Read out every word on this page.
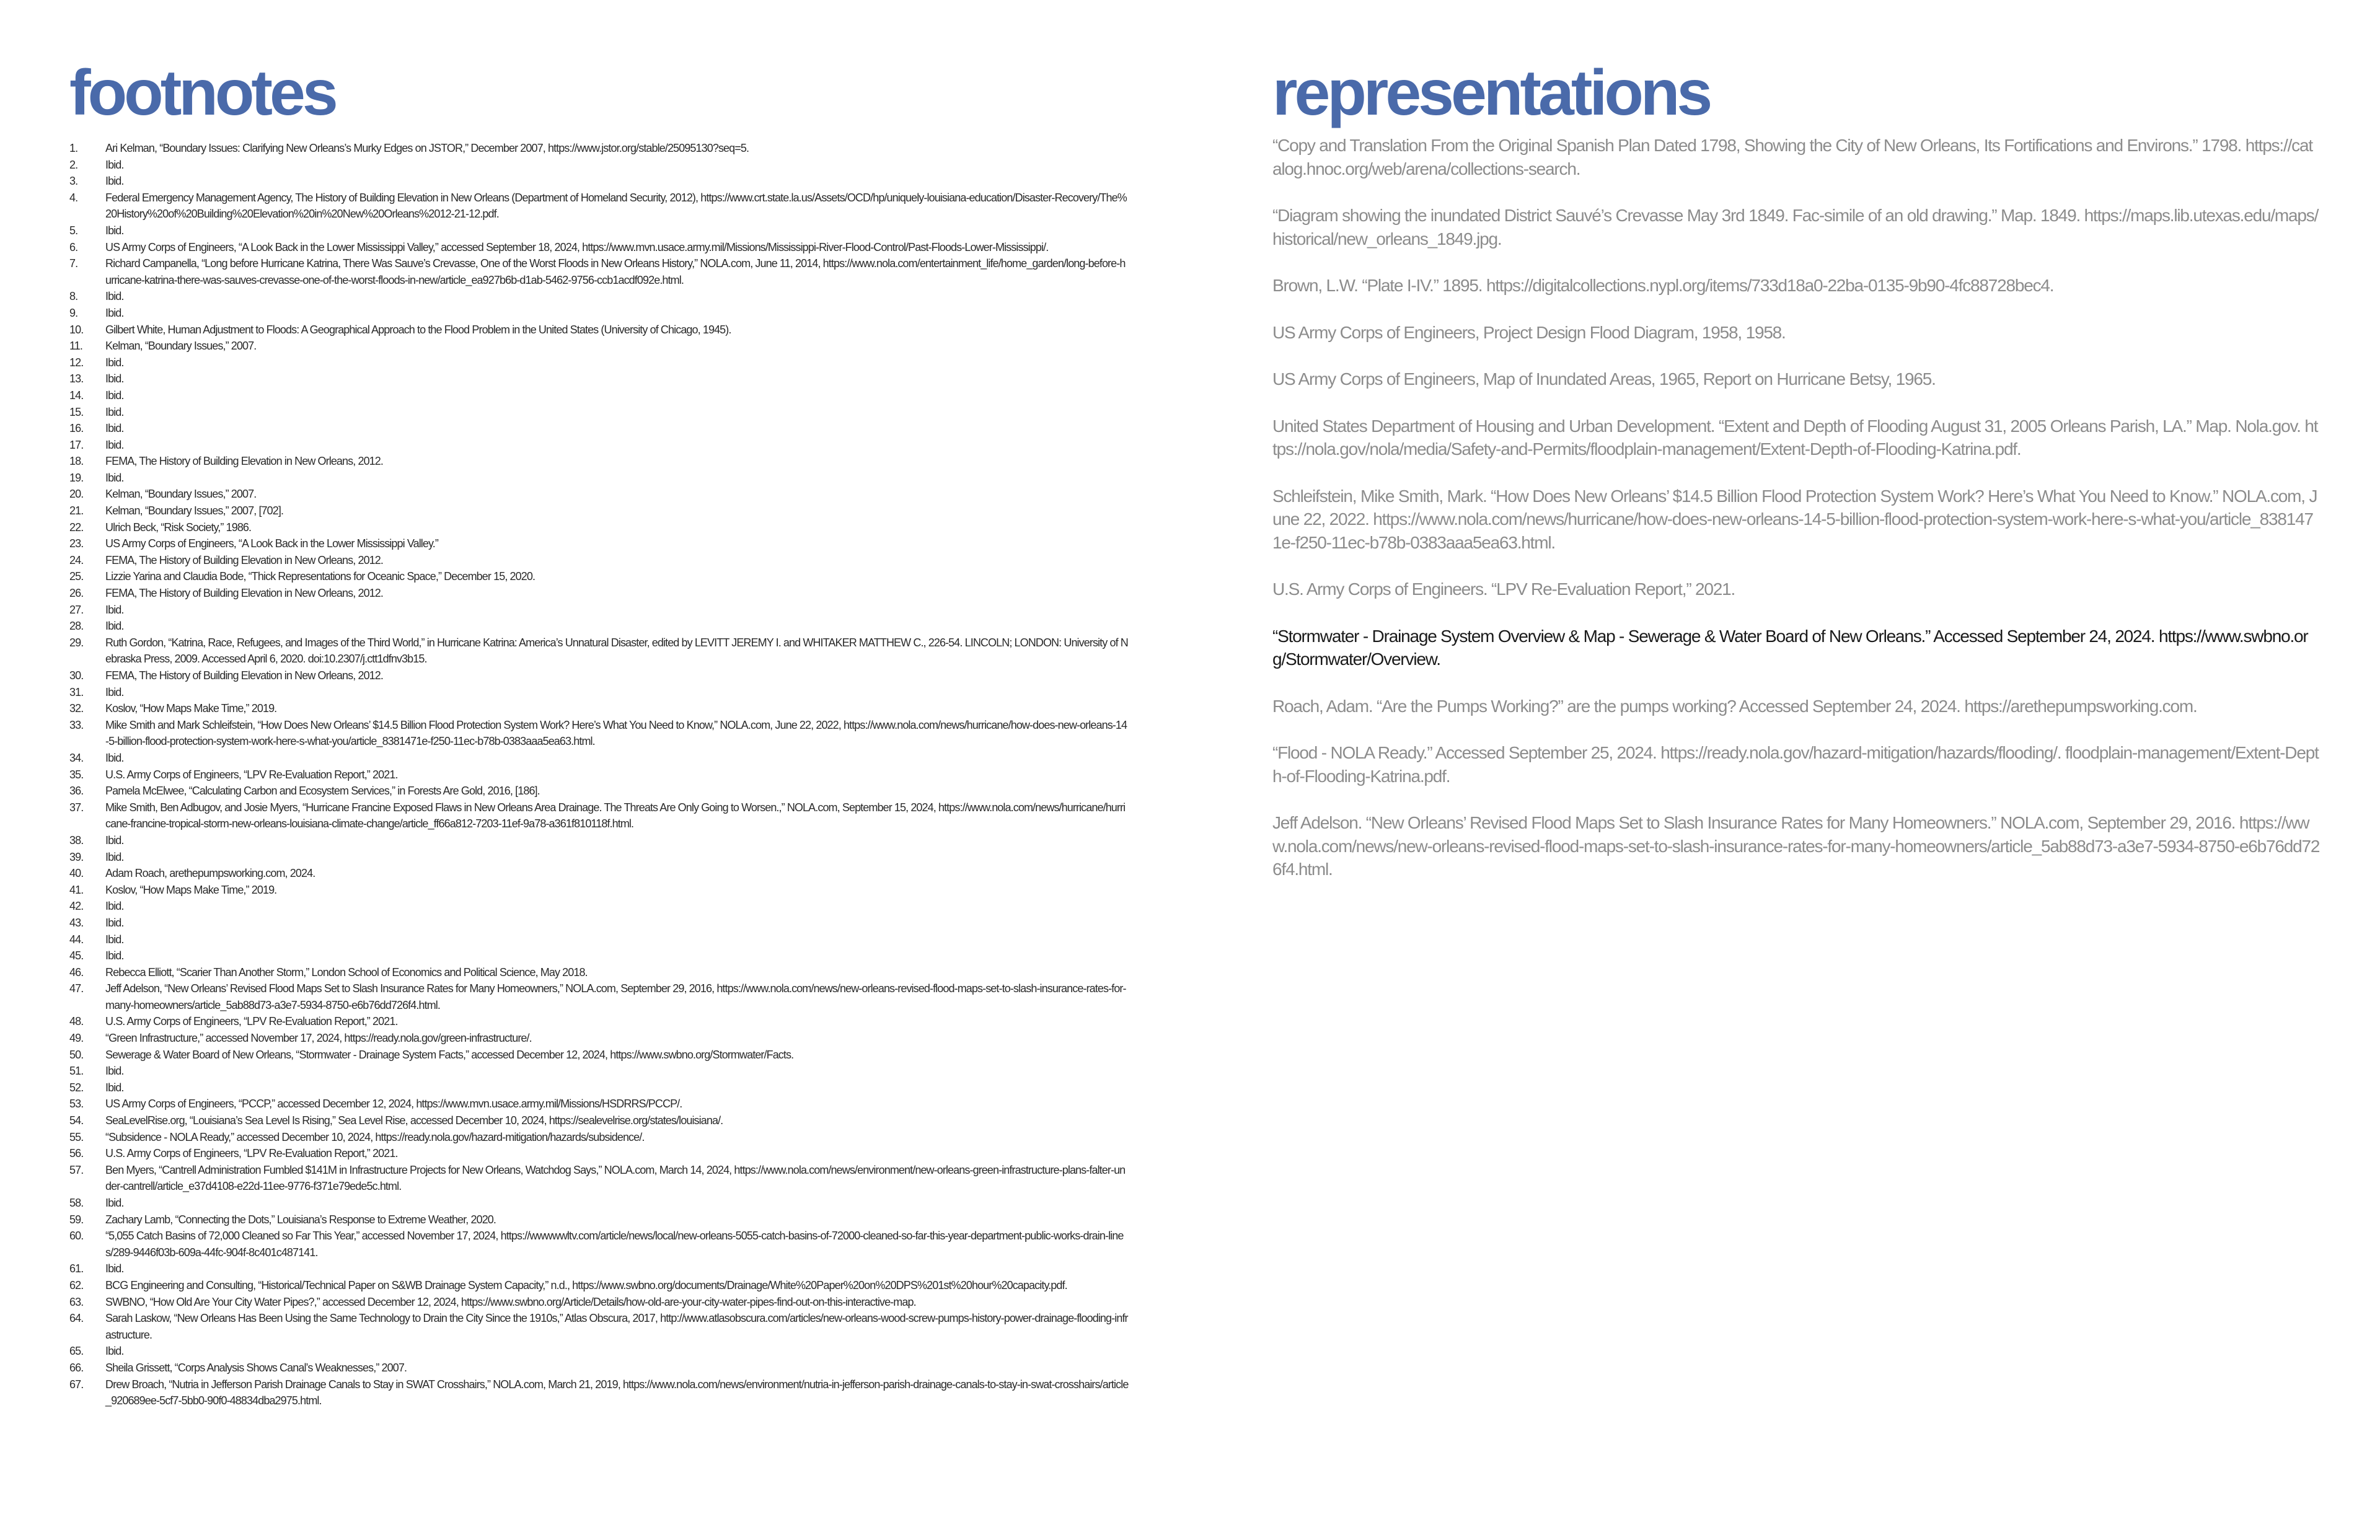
footnotes
1.	Ari Kelman, “Boundary Issues: Clarifying New Orleans’s Murky Edges on JSTOR,” December 2007, https://www.jstor.org/stable/25095130?seq=5.
2.	Ibid.
3.	Ibid.
4.	Federal Emergency Management Agency, The History of Building Elevation in New Orleans (Department of Homeland Security, 2012), https://www.crt.state.la.us/Assets/OCD/hp/uniquely-louisiana-education/Disaster-Recovery/The%20History%20of%20Building%20Elevation%20in%20New%20Orleans%2012-21-12.pdf.
5.	Ibid.
6.	US Army Corps of Engineers, “A Look Back in the Lower Mississippi Valley,” accessed September 18, 2024, https://www.mvn.usace.army.mil/Missions/Mississippi-River-Flood-Control/Past-Floods-Lower-Mississippi/.
7.	Richard Campanella, “Long before Hurricane Katrina, There Was Sauve’s Crevasse, One of the Worst Floods in New Orleans History,” NOLA.com, June 11, 2014, https://www.nola.com/entertainment_life/home_garden/long-before-hurricane-katrina-there-was-sauves-crevasse-one-of-the-worst-floods-in-new/article_ea927b6b-d1ab-5462-9756-ccb1acdf092e.html.
8.	Ibid.
9.	Ibid.
10.	Gilbert White, Human Adjustment to Floods: A Geographical Approach to the Flood Problem in the United States (University of Chicago, 1945).
11.	Kelman, “Boundary Issues,” 2007.
12.	Ibid.
13.	Ibid.
14.	Ibid.
15.	Ibid.
16.	Ibid.
17.	Ibid.
18.	FEMA, The History of Building Elevation in New Orleans, 2012.
19.	Ibid.
20.	Kelman, “Boundary Issues,” 2007.
21.	Kelman, “Boundary Issues,” 2007, [702].
22.	Ulrich Beck, “Risk Society,” 1986.
23.	US Army Corps of Engineers, “A Look Back in the Lower Mississippi Valley.”
24.	FEMA, The History of Building Elevation in New Orleans, 2012.
25.	Lizzie Yarina and Claudia Bode, “Thick Representations for Oceanic Space,” December 15, 2020.
26.	FEMA, The History of Building Elevation in New Orleans, 2012.
27.	Ibid.
28.	Ibid.
29.	Ruth Gordon, “Katrina, Race, Refugees, and Images of the Third World,” in Hurricane Katrina: America’s Unnatural Disaster, edited by LEVITT JEREMY I. and WHITAKER MATTHEW C., 226-54. LINCOLN; LONDON: University of Nebraska Press, 2009. Accessed April 6, 2020. doi:10.2307/j.ctt1dfnv3b15.
30.	FEMA, The History of Building Elevation in New Orleans, 2012.
31.	Ibid.
32.	Koslov, “How Maps Make Time,” 2019.
33.	Mike Smith and Mark Schleifstein, “How Does New Orleans’ $14.5 Billion Flood Protection System Work? Here’s What You Need to Know,” NOLA.com, June 22, 2022, https://www.nola.com/news/hurricane/how-does-new-orleans-14-5-billion-flood-protection-system-work-here-s-what-you/article_8381471e-f250-11ec-b78b-0383aaa5ea63.html.
34.	Ibid.
35.	U.S. Army Corps of Engineers, “LPV Re-Evaluation Report,” 2021.
36.	Pamela McElwee, “Calculating Carbon and Ecosystem Services,” in Forests Are Gold, 2016, [186].
37.	Mike Smith, Ben Adbugov, and Josie Myers, “Hurricane Francine Exposed Flaws in New Orleans Area Drainage. The Threats Are Only Going to Worsen.,” NOLA.com, September 15, 2024, https://www.nola.com/news/hurricane/hurricane-francine-tropical-storm-new-orleans-louisiana-climate-change/article_ff66a812-7203-11ef-9a78-a361f810118f.html.
38.	Ibid.
39.	Ibid.
40.	Adam Roach, arethepumpsworking.com, 2024.
41.	Koslov, “How Maps Make Time,” 2019.
42.	Ibid.
43.	Ibid.
44.	Ibid.
45.	Ibid.
46.	Rebecca Elliott, “Scarier Than Another Storm,” London School of Economics and Political Science, May 2018.
47.	Jeff Adelson, “New Orleans’ Revised Flood Maps Set to Slash Insurance Rates for Many Homeowners,” NOLA.com, September 29, 2016, https://www.nola.com/news/new-orleans-revised-flood-maps-set-to-slash-insurance-rates-for-many-homeowners/article_5ab88d73-a3e7-5934-8750-e6b76dd726f4.html.
48.	U.S. Army Corps of Engineers, “LPV Re-Evaluation Report,” 2021.
49.	“Green Infrastructure,” accessed November 17, 2024, https://ready.nola.gov/green-infrastructure/.
50.	Sewerage & Water Board of New Orleans, “Stormwater - Drainage System Facts,” accessed December 12, 2024, https://www.swbno.org/Stormwater/Facts.
51.	Ibid.
52.	Ibid.
53.	US Army Corps of Engineers, “PCCP,” accessed December 12, 2024, https://www.mvn.usace.army.mil/Missions/HSDRRS/PCCP/.
54.	SeaLevelRise.org, “Louisiana’s Sea Level Is Rising,” Sea Level Rise, accessed December 10, 2024, https://sealevelrise.org/states/louisiana/.
55.	“Subsidence - NOLA Ready,” accessed December 10, 2024, https://ready.nola.gov/hazard-mitigation/hazards/subsidence/.
56.	U.S. Army Corps of Engineers, “LPV Re-Evaluation Report,” 2021.
57.	Ben Myers, “Cantrell Administration Fumbled $141M in Infrastructure Projects for New Orleans, Watchdog Says,” NOLA.com, March 14, 2024, https://www.nola.com/news/environment/new-orleans-green-infrastructure-plans-falter-under-cantrell/article_e37d4108-e22d-11ee-9776-f371e79ede5c.html.
58.	Ibid.
59.	Zachary Lamb, “Connecting the Dots,” Louisiana’s Response to Extreme Weather, 2020.
60.	“5,055 Catch Basins of 72,000 Cleaned so Far This Year,” accessed November 17, 2024, https://wwwwwltv.com/article/news/local/new-orleans-5055-catch-basins-of-72000-cleaned-so-far-this-year-department-public-works-drain-lines/289-9446f03b-609a-44fc-904f-8c401c487141.
61.	Ibid.
62.	BCG Engineering and Consulting, “Historical/Technical Paper on S&WB Drainage System Capacity,” n.d., https://www.swbno.org/documents/Drainage/White%20Paper%20on%20DPS%201st%20hour%20capacity.pdf.
63.	SWBNO, “How Old Are Your City Water Pipes?,” accessed December 12, 2024, https://www.swbno.org/Article/Details/how-old-are-your-city-water-pipes-find-out-on-this-interactive-map.
64.	Sarah Laskow, “New Orleans Has Been Using the Same Technology to Drain the City Since the 1910s,” Atlas Obscura, 2017, http://www.atlasobscura.com/articles/new-orleans-wood-screw-pumps-history-power-drainage-flooding-infrastructure.
65.	Ibid.
66.	Sheila Grissett, “Corps Analysis Shows Canal’s Weaknesses,” 2007.
67.	Drew Broach, “Nutria in Jefferson Parish Drainage Canals to Stay in SWAT Crosshairs,” NOLA.com, March 21, 2019, https://www.nola.com/news/environment/nutria-in-jefferson-parish-drainage-canals-to-stay-in-swat-crosshairs/article_920689ee-5cf7-5bb0-90f0-48834dba2975.html.
representations
“Copy and Translation From the Original Spanish Plan Dated 1798, Showing the City of New Orleans, Its Fortifications and Environs.” 1798. https://catalog.hnoc.org/web/arena/collections-search.
“Diagram showing the inundated District Sauvé’s Crevasse May 3rd 1849. Fac-simile of an old drawing.” Map. 1849. https://maps.lib.utexas.edu/maps/ historical/new_orleans_1849.jpg.
Brown, L.W. “Plate I-IV.” 1895. https://digitalcollections.nypl.org/items/733d18a0-22ba-0135-9b90-4fc88728bec4.
US Army Corps of Engineers, Project Design Flood Diagram, 1958, 1958.
US Army Corps of Engineers, Map of Inundated Areas, 1965, Report on Hurricane Betsy, 1965.
United States Department of Housing and Urban Development. “Extent and Depth of Flooding August 31, 2005 Orleans Parish, LA.” Map. Nola.gov. https://nola.gov/nola/media/Safety-and-Permits/floodplain-management/Extent-Depth-of-Flooding-Katrina.pdf.
Schleifstein, Mike Smith, Mark. “How Does New Orleans’ $14.5 Billion Flood Protection System Work? Here’s What You Need to Know.” NOLA.com, June 22, 2022. https://www.nola.com/news/hurricane/how-does-new-orleans-14-5-billion-flood-protection-system-work-here-s-what-you/article_8381471e-f250-11ec-b78b-0383aaa5ea63.html.
U.S. Army Corps of Engineers. “LPV Re-Evaluation Report,” 2021.
“Stormwater - Drainage System Overview & Map - Sewerage & Water Board of New Orleans.” Accessed September 24, 2024. https://www.swbno.org/Stormwater/Overview.
Roach, Adam. “Are the Pumps Working?” are the pumps working? Accessed September 24, 2024. https://arethepumpsworking.com.
“Flood - NOLA Ready.” Accessed September 25, 2024. https://ready.nola.gov/hazard-mitigation/hazards/flooding/. floodplain-management/Extent-Depth-of-Flooding-Katrina.pdf.
Jeff Adelson. “New Orleans’ Revised Flood Maps Set to Slash Insurance Rates for Many Homeowners.” NOLA.com, September 29, 2016. https://www.nola.com/news/new-orleans-revised-flood-maps-set-to-slash-insurance-rates-for-many-homeowners/article_5ab88d73-a3e7-5934-8750-e6b76dd726f4.html.
